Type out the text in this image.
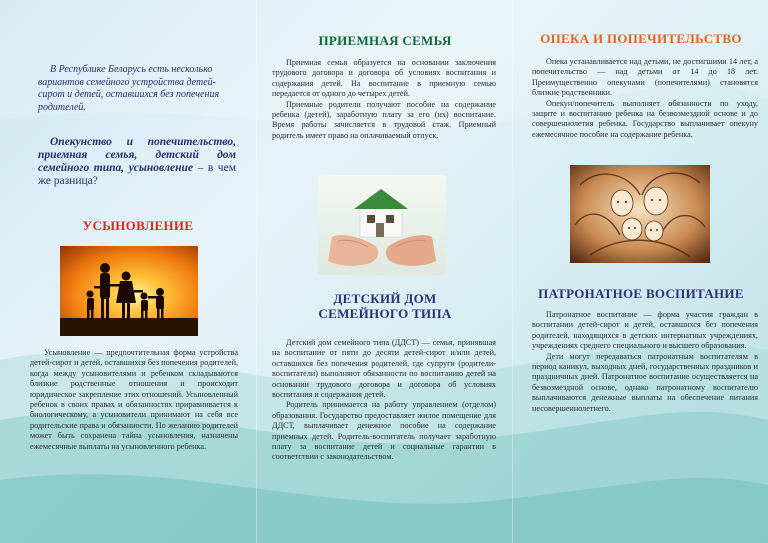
В Республике Беларусь есть несколько вариантов семейного устройства детей-сирот и детей, оставшихся без попечения родителей.
Опекунство и попечительство, приемная семья, детский дом семейного типа, усыновление – в чем же разница?
УСЫНОВЛЕНИЕ

Усыновление — предпочтительная форма устройства детей-сирот и детей, оставшихся без попечения родителей, когда между усыновителями и ребенком складываются близкие родственные отношения и происходит юридическое закрепление этих отношений. Усыновленный ребенок в своих правах и обязанностях приравнивается к биологическому, а усыновители принимают на себя все родительские права и обязанности. По желанию родителей может быть сохранена тайна усыновления, назначены ежемесячные выплаты на усыновленного ребенка.

ПРИЕМНАЯ СЕМЬЯ

Приемная семья образуется на основании заключения трудового договора и договора об условиях воспитания и содержания детей. На воспитание в приемную семью передается от одного до четырех детей.

Приемные родители получают пособие на содержание ребенка (детей), заработную плату за его (их) воспитание. Время работы зачисляется в трудовой стаж. Приемный родитель имеет право на оплачиваемый отпуск.

ДЕТСКИЙ ДОМ
СЕМЕЙНОГО ТИПА

Детский дом семейного типа (ДДСТ) — семья, принявшая на воспитание от пяти до десяти детей-сирот и/или детей, оставшихся без попечения родителей, где супруги (родители-воспитатели) выполняют обязанности по воспитанию детей на основании трудового договора и договора об условиях воспитания и содержания детей.

Родитель принимается на работу управлением (отделом) образования. Государство предоставляет жилое помещение для ДДСТ, выплачивает денежное пособие на содержание приемных детей. Родитель-воспитатель получает заработную плату за воспитание детей и социальные гарантии в соответствии с законодательством.

ОПЕКА И ПОПЕЧИТЕЛЬСТВО

Опека устанавливается над детьми, не достигшими 14 лет, а попечительство — над детьми от 14 до 18 лет. Преимущественно опекунами (попечителями) становятся близкие родственники.

Опекун/попечитель выполняет обязанности по уходу, защите и воспитанию ребенка на безвозмездной основе и до совершеннолетия ребенка. Государство выплачивает опекуну ежемесячное пособие на содержание ребенка.

ПАТРОНАТНОЕ ВОСПИТАНИЕ

Патронатное воспитание — форма участия граждан в воспитании детей-сирот и детей, оставшихся без попечения родителей, находящихся в детских интернатных учреждениях, учреждениях среднего специального и высшего образования.

Дети могут передаваться патронатным воспитателям в период каникул, выходных дней, государственных праздников и праздничных дней. Патронатное воспитание осуществляется на безвозмездной основе, однако патронатному воспитателю выплачиваются денежные выплаты на обеспечение питания несовершеннолетнего.
